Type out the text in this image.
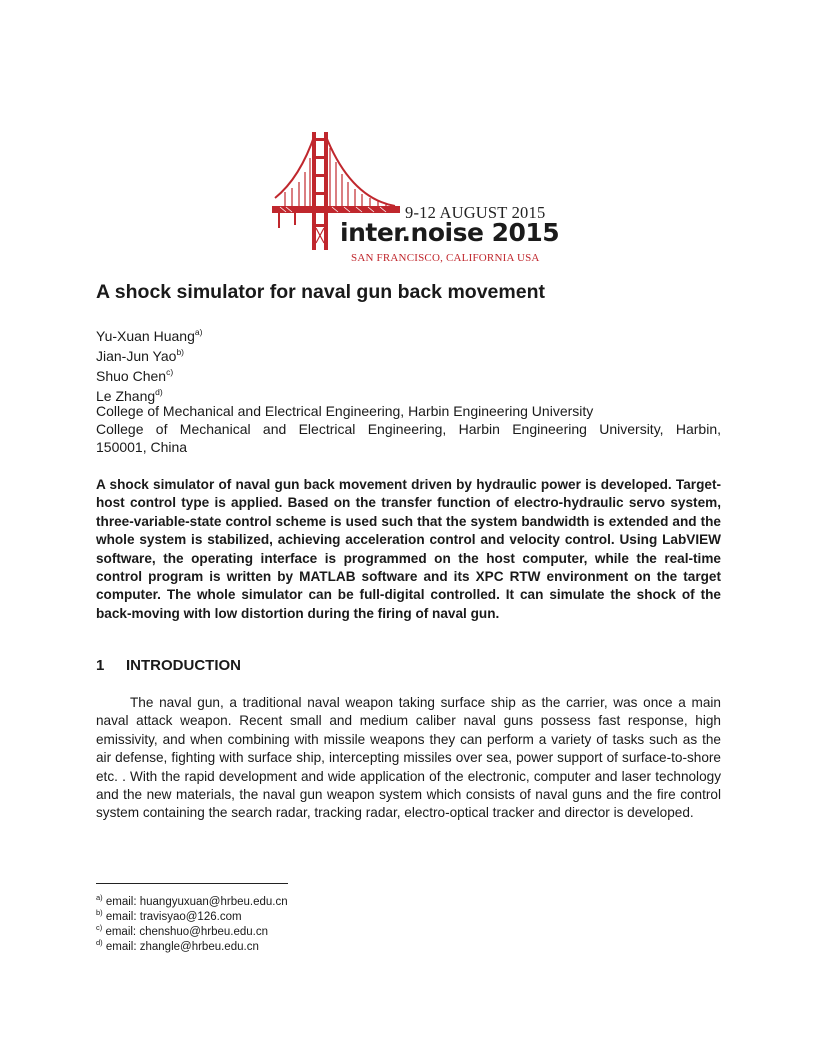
9-12 AUGUST 2015
inter.noise 2015
SAN FRANCISCO, CALIFORNIA USA
A shock simulator for naval gun back movement
Yu-Xuan Huang$^{a)}$
Jian-Jun Yao$^{b)}$
Shuo Chen$^{c)}$
Le Zhang$^{d)}$
College of Mechanical and Electrical Engineering, Harbin Engineering University
College of Mechanical and Electrical Engineering, Harbin Engineering University, Harbin,
150001, China
A shock simulator of naval gun back movement driven by hydraulic power is developed. Target-host control type is applied. Based on the transfer function of electro-hydraulic servo system, three-variable-state control scheme is used such that the system bandwidth is extended and the whole system is stabilized, achieving acceleration control and velocity control. Using LabVIEW software, the operating interface is programmed on the host computer, while the real-time control program is written by MATLAB software and its XPC RTW environment on the target computer. The whole simulator can be full-digital controlled. It can simulate the shock of the back-moving with low distortion during the firing of naval gun.
1 INTRODUCTION
The naval gun, a traditional naval weapon taking surface ship as the carrier, was once a main naval attack weapon. Recent small and medium caliber naval guns possess fast response, high emissivity, and when combining with missile weapons they can perform a variety of tasks such as the air defense, fighting with surface ship, intercepting missiles over sea, power support of surface-to-shore etc. . With the rapid development and wide application of the electronic, computer and laser technology and the new materials, the naval gun weapon system which consists of naval guns and the fire control system containing the search radar, tracking radar, electro-optical tracker and director is developed.
$^{a)}$ email: huangyuxuan@hrbeu.edu.cn
$^{b)}$ email: travisyao@126.com
$^{c)}$ email: chenshuo@hrbeu.edu.cn
$^{d)}$ email: zhangle@hrbeu.edu.cn
